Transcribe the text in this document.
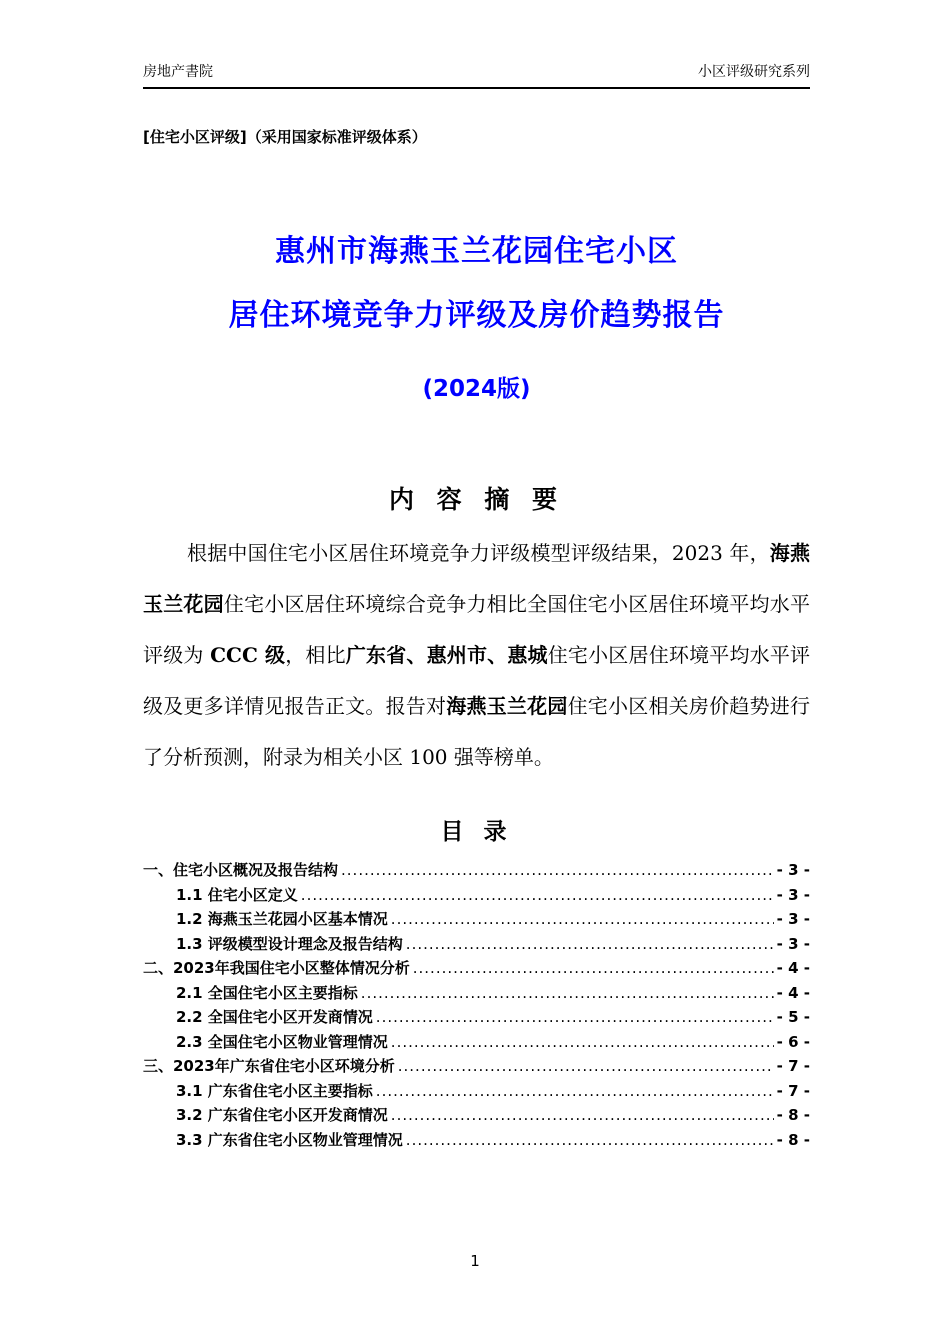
房地产書院	小区评级研究系列
[住宅小区评级]（采用国家标准评级体系）
惠州市海燕玉兰花园住宅小区
居住环境竞争力评级及房价趋势报告
(2024版)
内 容 摘 要

根据中国住宅小区居住环境竞争力评级模型评级结果，2023 年，海燕玉兰花园住宅小区居住环境综合竞争力相比全国住宅小区居住环境平均水平评级为 CCC 级，相比广东省、惠州市、惠城住宅小区居住环境平均水平评级及更多详情见报告正文。报告对海燕玉兰花园住宅小区相关房价趋势进行了分析预测，附录为相关小区 100 强等榜单。

目 录
一、住宅小区概况及报告结构 .....	- 3 -
1.1 住宅小区定义 .....	- 3 -
1.2 海燕玉兰花园小区基本情况 .....	- 3 -
1.3 评级模型设计理念及报告结构 .....	- 3 -
二、2023年我国住宅小区整体情况分析 .....	- 4 -
2.1 全国住宅小区主要指标 .....	- 4 -
2.2 全国住宅小区开发商情况 .....	- 5 -
2.3 全国住宅小区物业管理情况 .....	- 6 -
三、2023年广东省住宅小区环境分析 .....	- 7 -
3.1 广东省住宅小区主要指标 .....	- 7 -
3.2 广东省住宅小区开发商情况 .....	- 8 -
3.3 广东省住宅小区物业管理情况 .....	- 8 -
1
